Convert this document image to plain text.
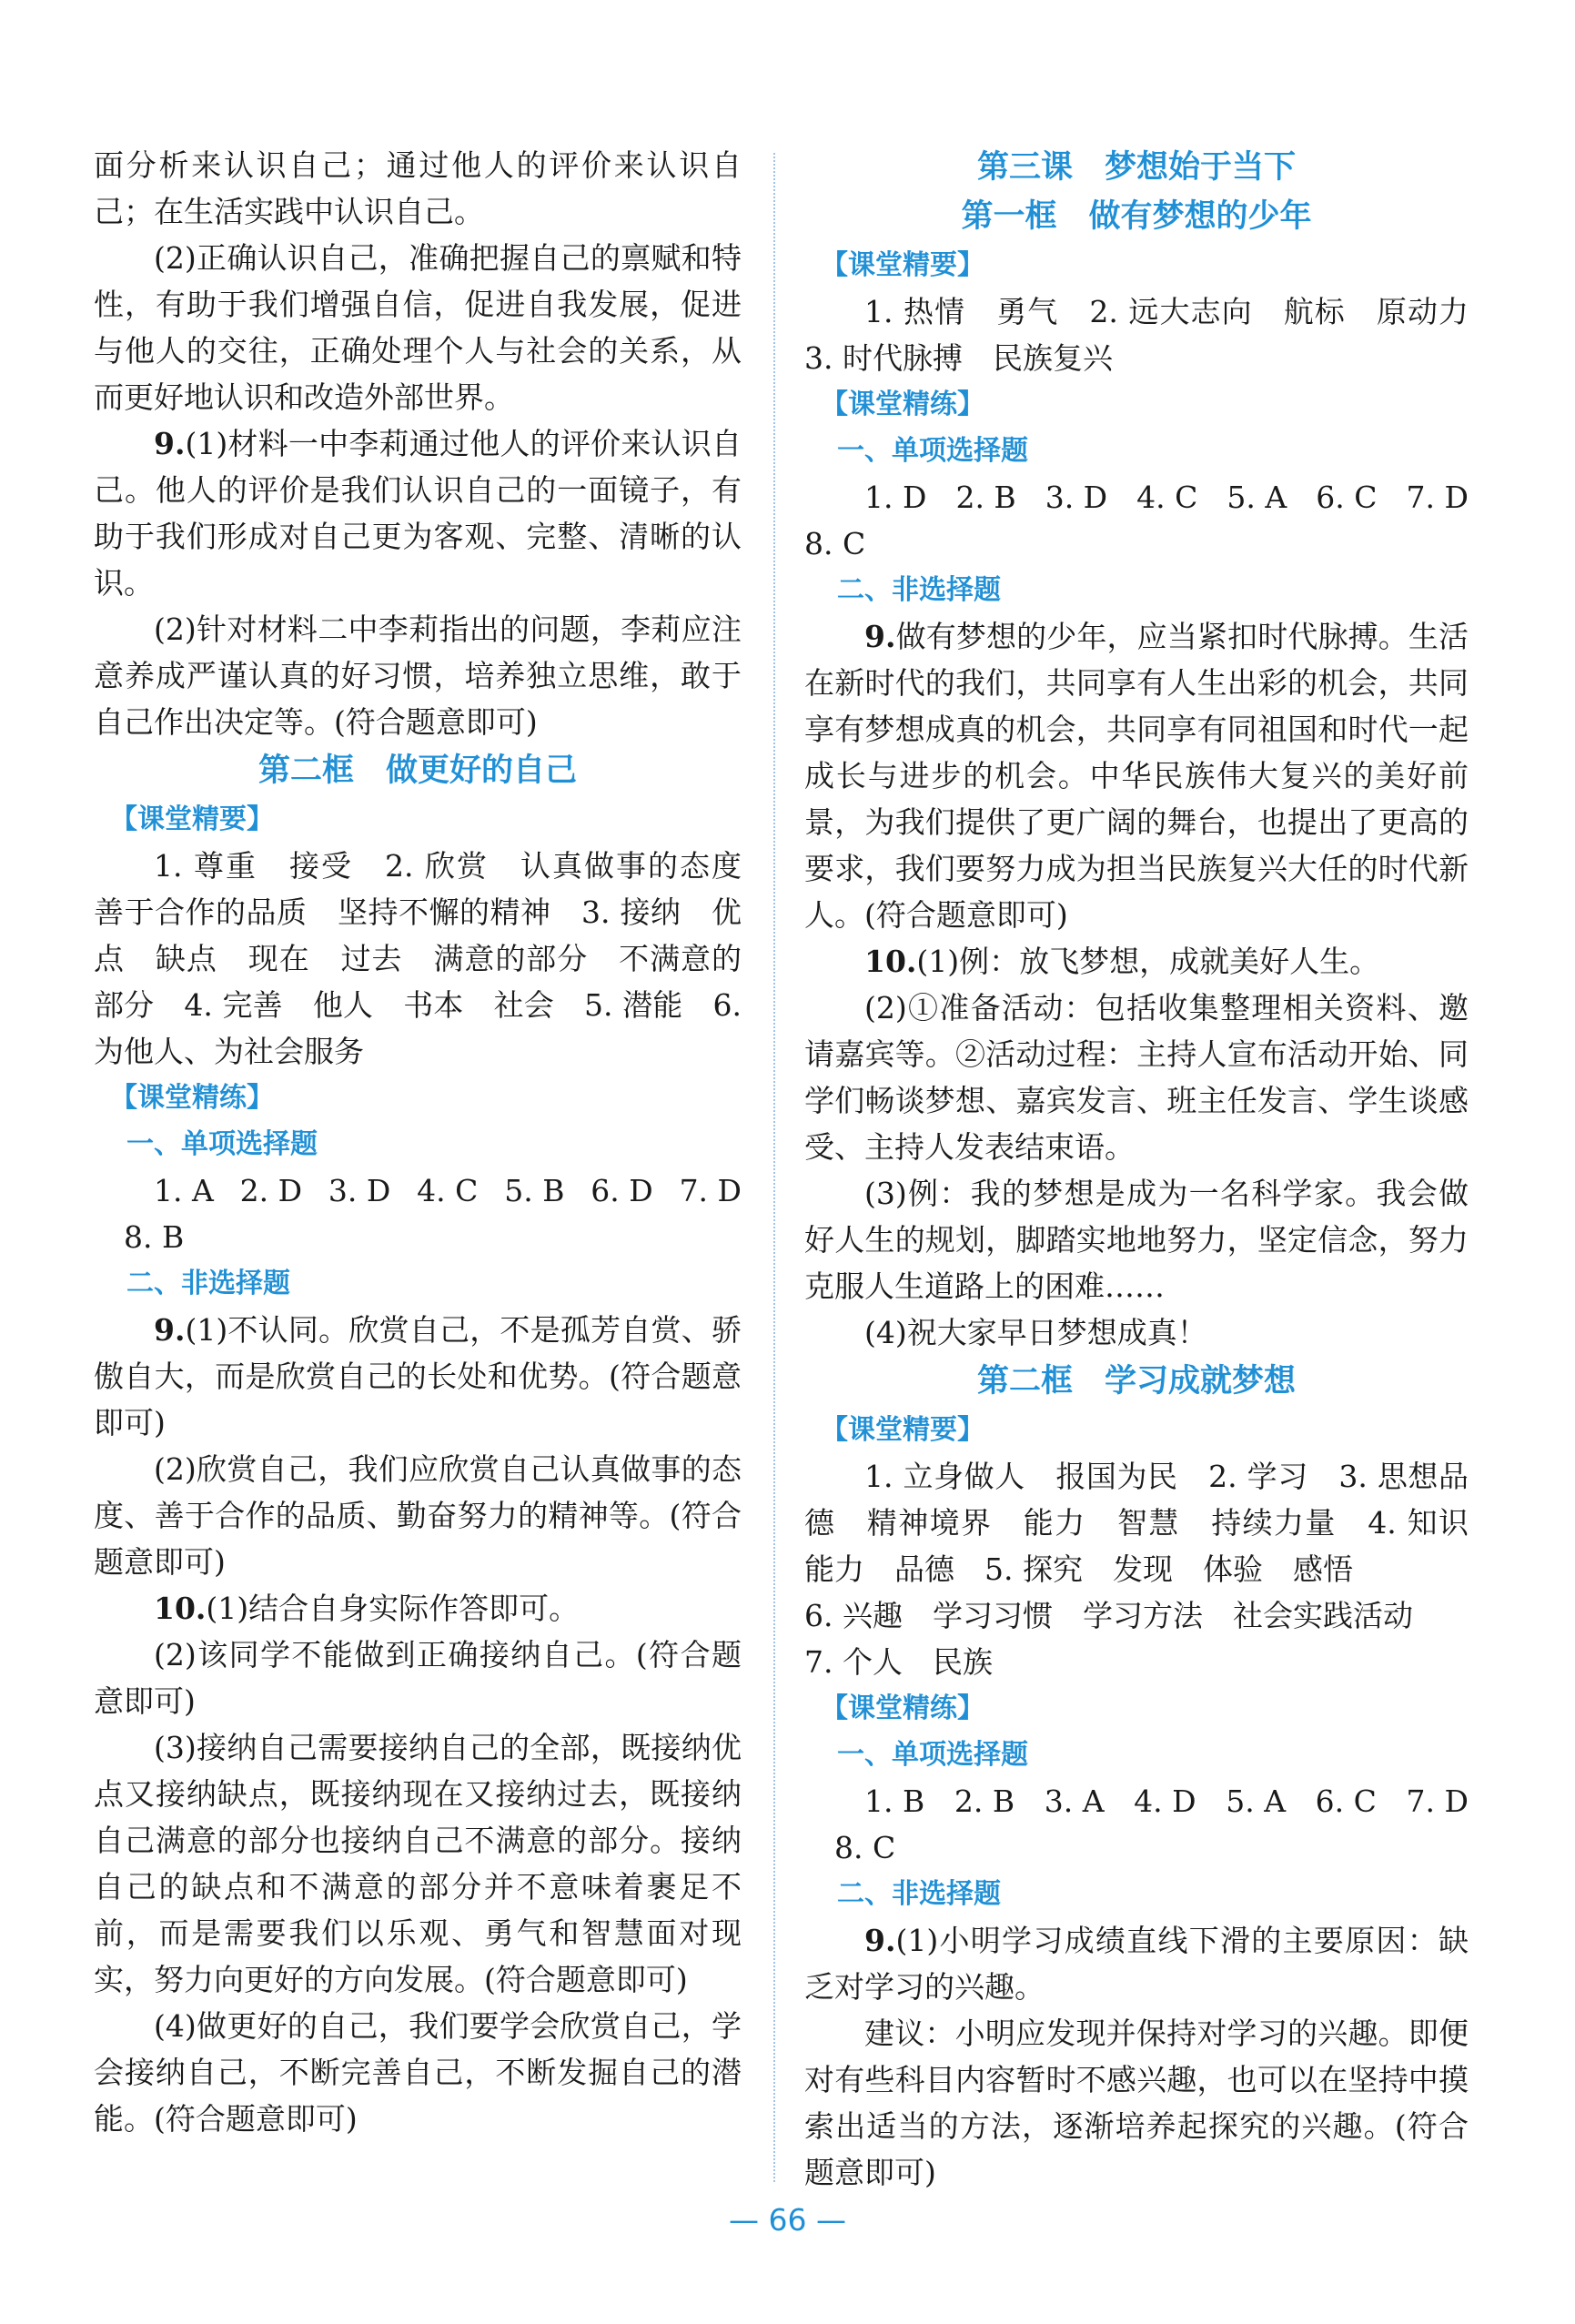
面分析来认识自己；通过他人的评价来认识自己；在生活实践中认识自己。

(2)正确认识自己，准确把握自己的禀赋和特性，有助于我们增强自信，促进自我发展，促进与他人的交往，正确处理个人与社会的关系，从而更好地认识和改造外部世界。

9.(1)材料一中李莉通过他人的评价来认识自己。他人的评价是我们认识自己的一面镜子，有助于我们形成对自己更为客观、完整、清晰的认识。

(2)针对材料二中李莉指出的问题，李莉应注意养成严谨认真的好习惯，培养独立思维，敢于自己作出决定等。(符合题意即可)

第二框　做更好的自己
【课堂精要】

1. 尊重　接受　2. 欣赏　认真做事的态度　善于合作的品质　坚持不懈的精神　3. 接纳　优点　缺点　现在　过去　满意的部分　不满意的部分　4. 完善　他人　书本　社会　5. 潜能　6. 为他人、为社会服务

【课堂精练】
一、单项选择题
1. A 2. D 3. D 4. C 5. B 6. D 7. D
8. B
二、非选择题

9.(1)不认同。欣赏自己，不是孤芳自赏、骄傲自大，而是欣赏自己的长处和优势。(符合题意即可)

(2)欣赏自己，我们应欣赏自己认真做事的态度、善于合作的品质、勤奋努力的精神等。(符合题意即可)

10.(1)结合自身实际作答即可。

(2)该同学不能做到正确接纳自己。(符合题意即可)

(3)接纳自己需要接纳自己的全部，既接纳优点又接纳缺点，既接纳现在又接纳过去，既接纳自己满意的部分也接纳自己不满意的部分。接纳自己的缺点和不满意的部分并不意味着裹足不前，而是需要我们以乐观、勇气和智慧面对现实，努力向更好的方向发展。(符合题意即可)

(4)做更好的自己，我们要学会欣赏自己，学会接纳自己，不断完善自己，不断发掘自己的潜能。(符合题意即可)

第三课　梦想始于当下
第一框　做有梦想的少年
【课堂精要】

1. 热情　勇气　2. 远大志向　航标　原动力　3. 时代脉搏　民族复兴

【课堂精练】
一、单项选择题
1. D 2. B 3. D 4. C 5. A 6. C 7. D
8. C
二、非选择题

9.做有梦想的少年，应当紧扣时代脉搏。生活在新时代的我们，共同享有人生出彩的机会，共同享有梦想成真的机会，共同享有同祖国和时代一起成长与进步的机会。中华民族伟大复兴的美好前景，为我们提供了更广阔的舞台，也提出了更高的要求，我们要努力成为担当民族复兴大任的时代新人。(符合题意即可)

10.(1)例：放飞梦想，成就美好人生。

(2)①准备活动：包括收集整理相关资料、邀请嘉宾等。②活动过程：主持人宣布活动开始、同学们畅谈梦想、嘉宾发言、班主任发言、学生谈感受、主持人发表结束语。

(3)例：我的梦想是成为一名科学家。我会做好人生的规划，脚踏实地地努力，坚定信念，努力克服人生道路上的困难……

(4)祝大家早日梦想成真！

第二框　学习成就梦想
【课堂精要】

1. 立身做人　报国为民　2. 学习　3. 思想品德　精神境界　能力　智慧　持续力量　4. 知识　能力　品德　5. 探究　发现　体验　感悟

6. 兴趣　学习习惯　学习方法　社会实践活动

7. 个人　民族

【课堂精练】
一、单项选择题
1. B 2. B 3. A 4. D 5. A 6. C 7. D
8. C
二、非选择题

9.(1)小明学习成绩直线下滑的主要原因：缺乏对学习的兴趣。

建议：小明应发现并保持对学习的兴趣。即便对有些科目内容暂时不感兴趣，也可以在坚持中摸索出适当的方法，逐渐培养起探究的兴趣。(符合题意即可)

— 66 —
